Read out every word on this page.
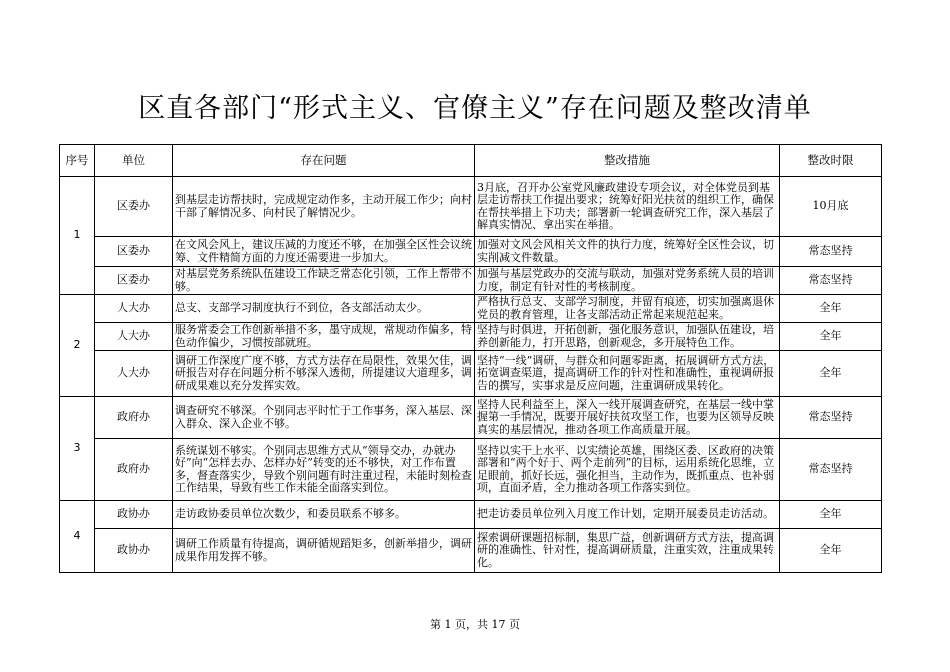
区直各部门“形式主义、官僚主义”存在问题及整改清单
序号	单位	存在问题	整改措施	整改时限
1	区委办	到基层走访帮扶时，完成规定动作多，主动开展工作少；向村干部了解情况多、向村民了解情况少。	3月底，召开办公室党风廉政建设专项会议，对全体党员到基层走访帮扶工作提出要求；统筹好阳光扶贫的组织工作，确保在帮扶举措上下功夫；部署新一轮调查研究工作，深入基层了解真实情况、拿出实在举措。	10月底
	区委办	在文风会风上，建议压减的力度还不够，在加强全区性会议统筹、文件精简方面的力度还需要进一步加大。	加强对文风会风相关文件的执行力度，统筹好全区性会议，切实削减文件数量。	常态坚持
	区委办	对基层党务系统队伍建设工作缺乏常态化引领，工作上帮带不够。	加强与基层党政办的交流与联动，加强对党务系统人员的培训力度，制定有针对性的考核制度。	常态坚持
2	人大办	总支、支部学习制度执行不到位，各支部活动太少。	严格执行总支、支部学习制度，并留有痕迹，切实加强离退休党员的教育管理，让各支部活动正常起来规范起来。	全年
	人大办	服务常委会工作创新举措不多，墨守成规，常规动作偏多，特色动作偏少，习惯按部就班。	坚持与时俱进，开拓创新，强化服务意识，加强队伍建设，培养创新能力，打开思路，创新观念，多开展特色工作。	全年
	人大办	调研工作深度广度不够，方式方法存在局限性，效果欠佳，调研报告对存在问题分析不够深入透彻，所提建议大道理多，调研成果难以充分发挥实效。	坚持“一线”调研，与群众和问题零距离，拓展调研方式方法，拓宽调查渠道，提高调研工作的针对性和准确性，重视调研报告的撰写，实事求是反应问题，注重调研成果转化。	全年
3	政府办	调查研究不够深。个别同志平时忙于工作事务，深入基层、深入群众、深入企业不够。	坚持人民利益至上，深入一线开展调查研究，在基层一线中掌握第一手情况，既要开展好扶贫攻坚工作，也要为区领导反映真实的基层情况，推动各项工作高质量开展。	常态坚持
	政府办	系统谋划不够实。个别同志思维方式从“领导交办，办就办好”向“怎样去办、怎样办好”转变的还不够快，对工作布置多，督查落实少，导致个别问题有时注重过程，未能时刻检查工作结果，导致有些工作未能全面落实到位。	坚持以实干上水平、以实绩论英雄，围绕区委、区政府的决策部署和“两个好于、两个走前列”的目标，运用系统化思维，立足眼前，抓好长远，强化担当，主动作为，既抓重点、也补弱项，直面矛盾，全力推动各项工作落实到位。	常态坚持
4	政协办	走访政协委员单位次数少，和委员联系不够多。	把走访委员单位列入月度工作计划，定期开展委员走访活动。	全年
	政协办	调研工作质量有待提高，调研循规蹈矩多，创新举措少，调研成果作用发挥不够。	探索调研课题招标制，集思广益，创新调研方式方法，提高调研的准确性、针对性，提高调研质量，注重实效，注重成果转化。	全年
第 1 页，共 17 页
